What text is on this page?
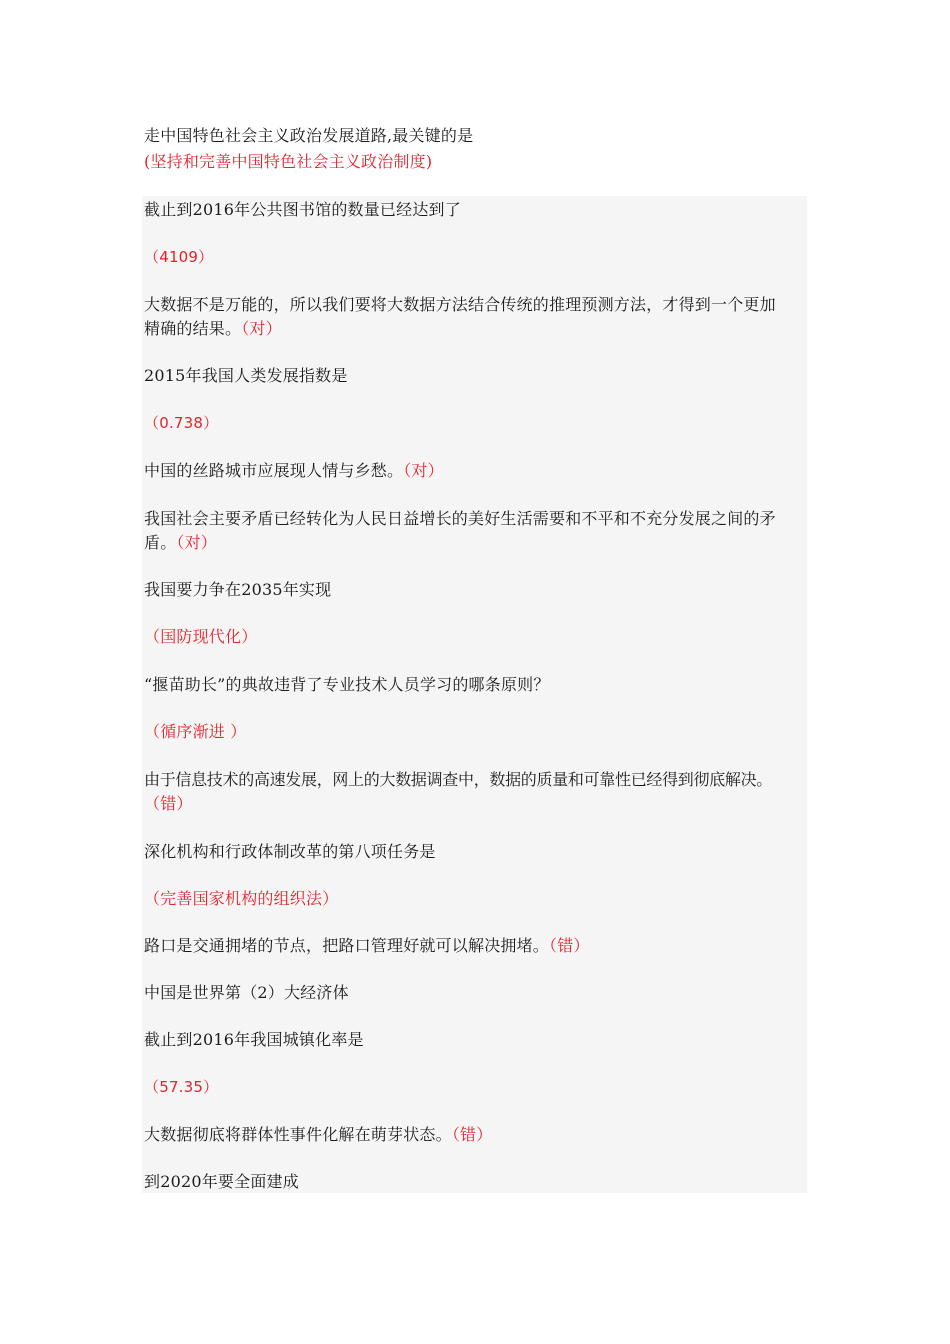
走中国特色社会主义政治发展道路,最关键的是
(坚持和完善中国特色社会主义政治制度)
截止到2016年公共图书馆的数量已经达到了
（4109）
大数据不是万能的，所以我们要将大数据方法结合传统的推理预测方法，才得到一个更加
精确的结果。（对）
2015年我国人类发展指数是
（0.738）
中国的丝路城市应展现人情与乡愁。（对）
我国社会主要矛盾已经转化为人民日益增长的美好生活需要和不平和不充分发展之间的矛
盾。（对）
我国要力争在2035年实现
（国防现代化）
“揠苗助长”的典故违背了专业技术人员学习的哪条原则？
（循序渐进 ）
由于信息技术的高速发展，网上的大数据调查中，数据的质量和可靠性已经得到彻底解决。
（错）
深化机构和行政体制改革的第八项任务是
（完善国家机构的组织法）
路口是交通拥堵的节点，把路口管理好就可以解决拥堵。（错）
中国是世界第（2）大经济体
截止到2016年我国城镇化率是
（57.35）
大数据彻底将群体性事件化解在萌芽状态。（错）
到2020年要全面建成
